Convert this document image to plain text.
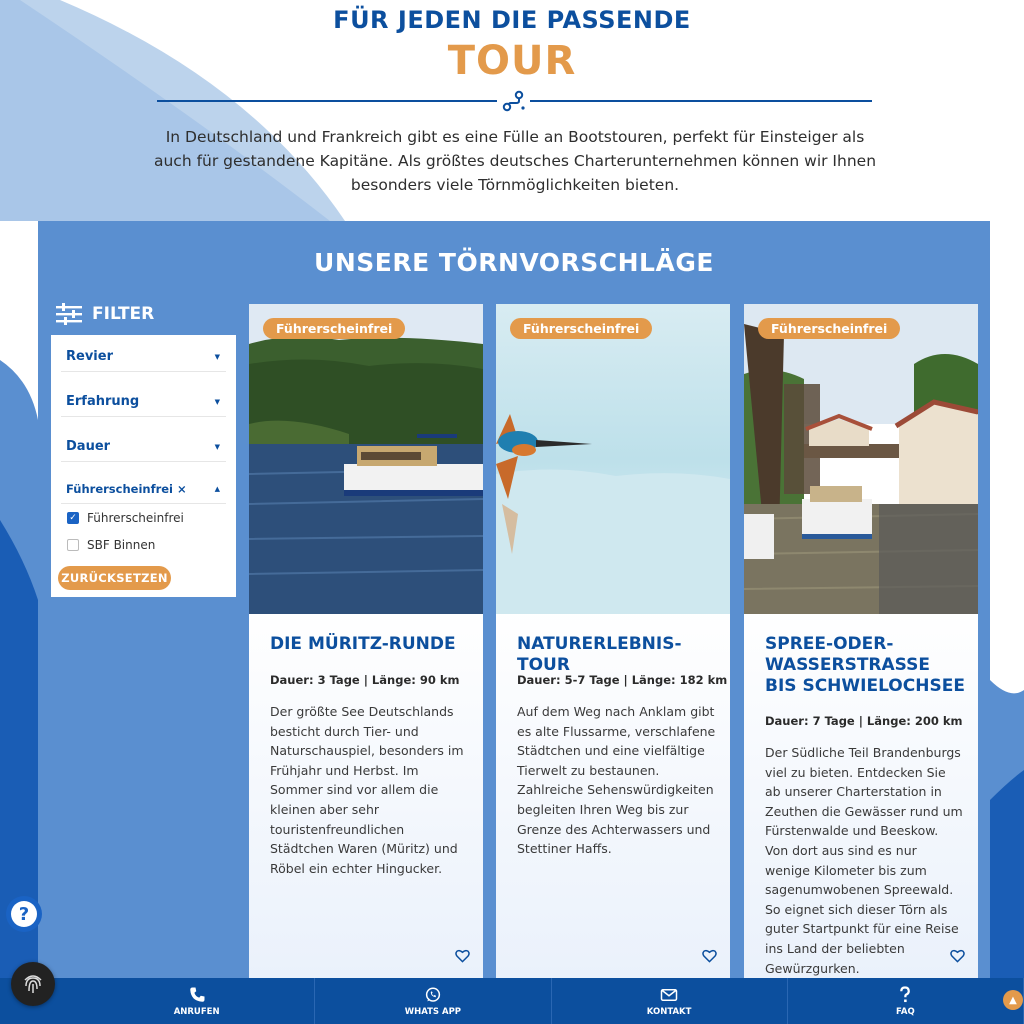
FÜR JEDEN DIE PASSENDE
TOUR
In Deutschland und Frankreich gibt es eine Fülle an Bootstouren, perfekt für Einsteiger als auch für gestandene Kapitäne. Als größtes deutsches Charterunternehmen können wir Ihnen besonders viele Törnmöglichkeiten bieten.
UNSERE TÖRNVORSCHLÄGE
FILTER
Revier	▼
Erfahrung	▼
Dauer	▼
Führerscheinfrei ×	▲
✓ Führerscheinfrei
SBF Binnen
ZURÜCKSETZEN
Führerscheinfrei
DIE MÜRITZ-RUNDE
Dauer: 3 Tage | Länge: 90 km
Der größte See Deutschlands besticht durch Tier- und Naturschauspiel, besonders im Frühjahr und Herbst. Im Sommer sind vor allem die kleinen aber sehr touristenfreundlichen Städtchen Waren (Müritz) und Röbel ein echter Hingucker.
Führerscheinfrei
NATURERLEBNIS-TOUR
Dauer: 5-7 Tage | Länge: 182 km
Auf dem Weg nach Anklam gibt es alte Flussarme, verschlafene Städtchen und eine vielfältige Tierwelt zu bestaunen. Zahlreiche Sehenswürdigkeiten begleiten Ihren Weg bis zur Grenze des Achterwassers und Stettiner Haffs.
Führerscheinfrei
SPREE-ODER-WASSERSTRASSE BIS SCHWIELOCHSEE
Dauer: 7 Tage | Länge: 200 km
Der Südliche Teil Brandenburgs viel zu bieten. Entdecken Sie ab unserer Charterstation in Zeuthen die Gewässer rund um Fürstenwalde und Beeskow. Von dort aus sind es nur wenige Kilometer bis zum sagenumwobenen Spreewald. So eignet sich dieser Törn als guter Startpunkt für eine Reise ins Land der beliebten Gewürzgurken.
ANRUFEN	WHATS APP	KONTAKT	FAQ
?
▲
